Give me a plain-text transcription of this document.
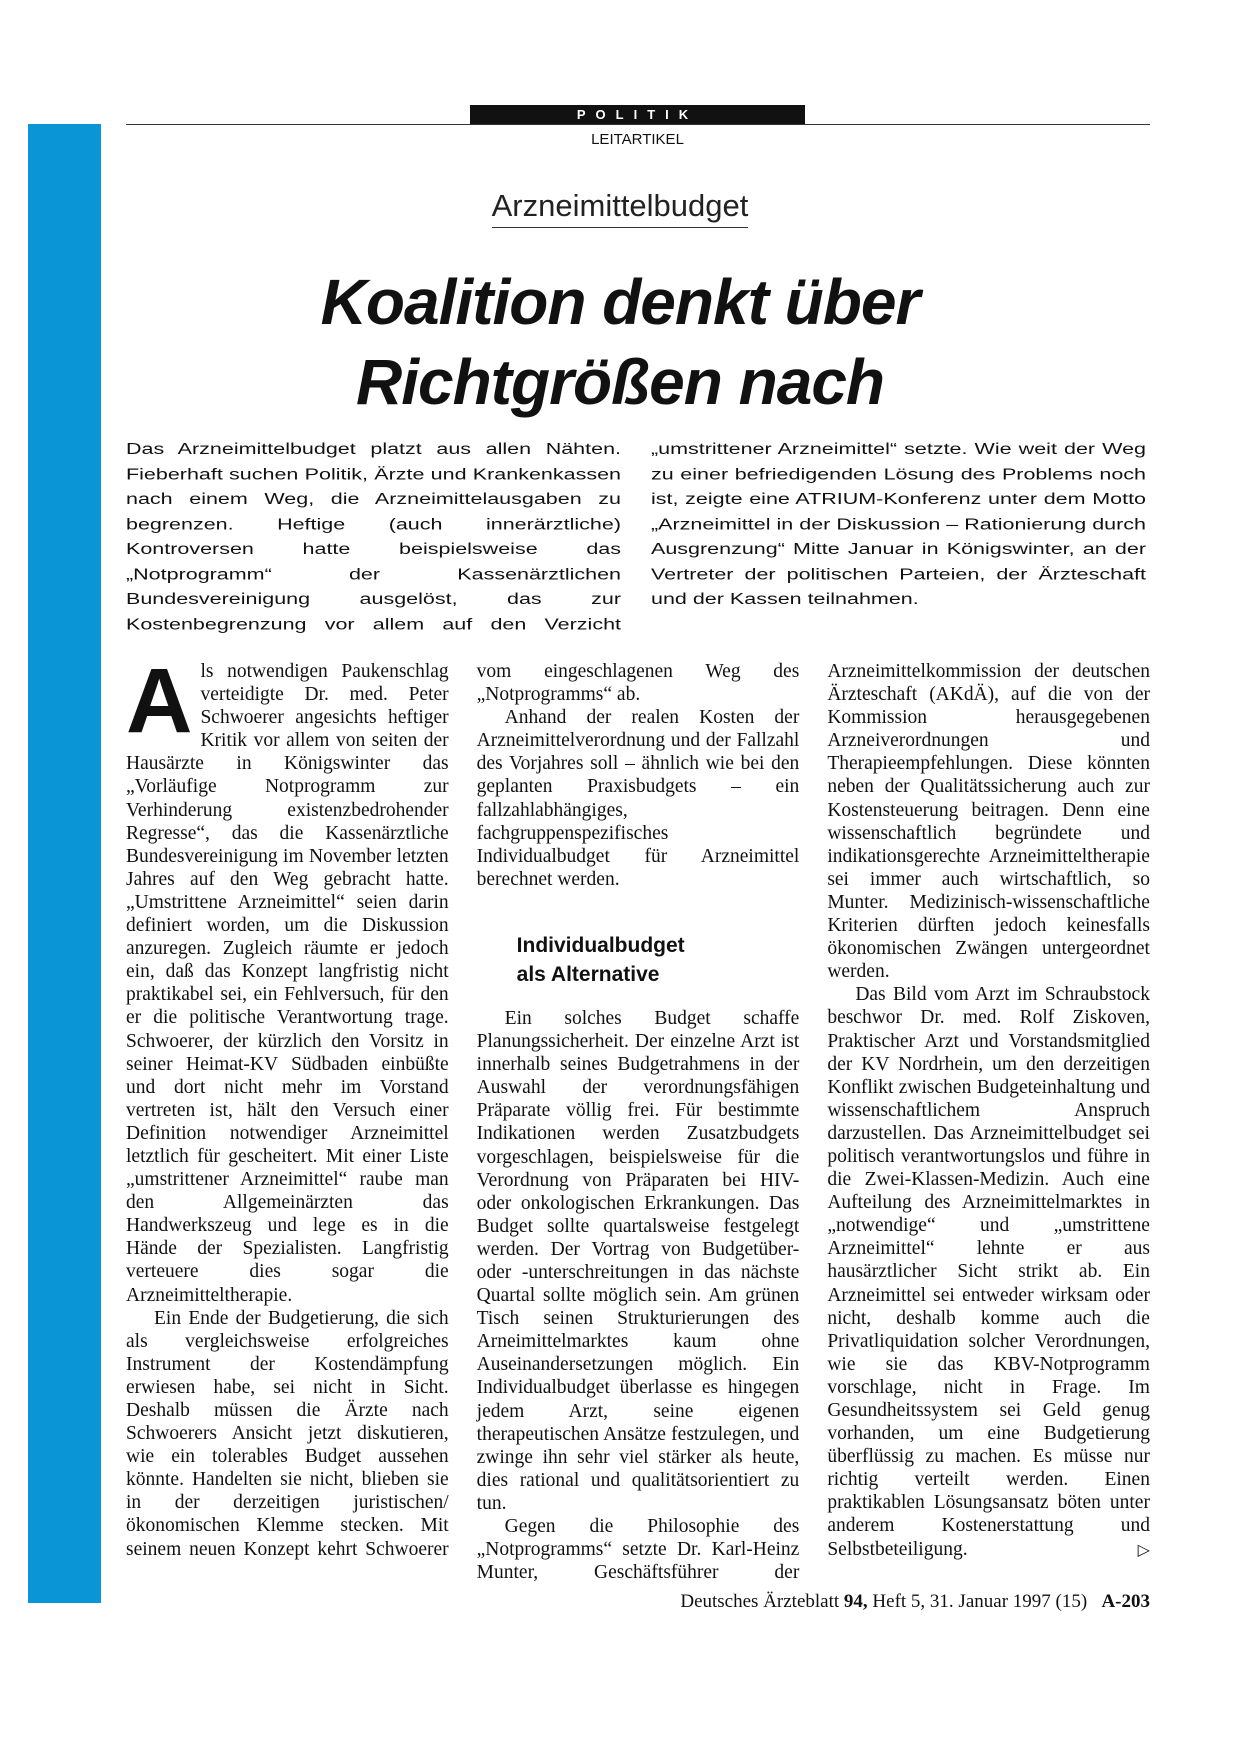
POLITIK
LEITARTIKEL
Arzneimittelbudget
Koalition denkt über
Richtgrößen nach

Das Arzneimittelbudget platzt aus allen Nähten. Fieberhaft suchen Politik, Ärzte und Krankenkassen nach einem Weg, die Arzneimittelausgaben zu begrenzen. Heftige (auch innerärztliche) Kontroversen hatte beispielsweise das „Notprogramm“ der Kassenärztlichen Bundesvereinigung ausgelöst, das zur Kostenbegrenzung vor allem auf den Verzicht „umstrittener Arzneimittel“ setzte. Wie weit der Weg zu einer befriedigenden Lösung des Problems noch ist, zeigte eine ATRIUM-Konferenz unter dem Motto „Arzneimittel in der Diskussion – Rationierung durch Ausgrenzung“ Mitte Januar in Königswinter, an der Vertreter der politischen Parteien, der Ärzteschaft und der Kassen teilnahmen.

Als notwendigen Paukenschlag verteidigte Dr. med. Peter Schwoerer angesichts heftiger Kritik vor allem von seiten der Hausärzte in Königswinter das „Vorläufige Notprogramm zur Verhinderung existenzbedrohender Regresse“, das die Kassenärztliche Bundesvereinigung im November letzten Jahres auf den Weg gebracht hatte. „Umstrittene Arzneimittel“ seien darin definiert worden, um die Diskussion anzuregen. Zugleich räumte er jedoch ein, daß das Konzept langfristig nicht praktikabel sei, ein Fehlversuch, für den er die politische Verantwortung trage. Schwoerer, der kürzlich den Vorsitz in seiner Heimat-KV Südbaden einbüßte und dort nicht mehr im Vorstand vertreten ist, hält den Versuch einer Definition notwendiger Arzneimittel letztlich für gescheitert. Mit einer Liste „umstrittener Arzneimittel“ raube man den Allgemeinärzten das Handwerkszeug und lege es in die Hände der Spezialisten. Langfristig verteuere dies sogar die Arzneimitteltherapie.

Ein Ende der Budgetierung, die sich als vergleichsweise erfolgreiches Instrument der Kostendämpfung erwiesen habe, sei nicht in Sicht. Deshalb müssen die Ärzte nach Schwoerers Ansicht jetzt diskutieren, wie ein tolerables Budget aussehen könnte. Handelten sie nicht, blieben sie in der derzeitigen juristischen/ökonomischen Klemme stecken. Mit seinem neuen Konzept kehrt Schwoerer vom eingeschlagenen Weg des „Notprogramms“ ab.

Anhand der realen Kosten der Arzneimittelverordnung und der Fallzahl des Vorjahres soll – ähnlich wie bei den geplanten Praxisbudgets – ein fallzahlabhängiges, fachgruppenspezifisches Individualbudget für Arzneimittel berechnet werden.

Individualbudget
als Alternative

Ein solches Budget schaffe Planungssicherheit. Der einzelne Arzt ist innerhalb seines Budgetrahmens in der Auswahl der verordnungsfähigen Präparate völlig frei. Für bestimmte Indikationen werden Zusatzbudgets vorgeschlagen, beispielsweise für die Verordnung von Präparaten bei HIV- oder onkologischen Erkrankungen. Das Budget sollte quartalsweise festgelegt werden. Der Vortrag von Budgetüber- oder -unterschreitungen in das nächste Quartal sollte möglich sein. Am grünen Tisch seinen Strukturierungen des Arneimittelmarktes kaum ohne Auseinandersetzungen möglich. Ein Individualbudget überlasse es hingegen jedem Arzt, seine eigenen therapeutischen Ansätze festzulegen, und zwinge ihn sehr viel stärker als heute, dies rational und qualitätsorientiert zu tun.

Gegen die Philosophie des „Notprogramms“ setzte Dr. Karl-Heinz Munter, Geschäftsführer der Arzneimittelkommission der deutschen Ärzteschaft (AKdÄ), auf die von der Kommission herausgegebenen Arzneiverordnungen und Therapieempfehlungen. Diese könnten neben der Qualitätssicherung auch zur Kostensteuerung beitragen. Denn eine wissenschaftlich begründete und indikationsgerechte Arzneimitteltherapie sei immer auch wirtschaftlich, so Munter. Medizinisch-wissenschaftliche Kriterien dürften jedoch keinesfalls ökonomischen Zwängen untergeordnet werden.

Das Bild vom Arzt im Schraubstock beschwor Dr. med. Rolf Ziskoven, Praktischer Arzt und Vorstandsmitglied der KV Nordrhein, um den derzeitigen Konflikt zwischen Budgeteinhaltung und wissenschaftlichem Anspruch darzustellen. Das Arzneimittelbudget sei politisch verantwortungslos und führe in die Zwei-Klassen-Medizin. Auch eine Aufteilung des Arzneimittelmarktes in „notwendige“ und „umstrittene Arzneimittel“ lehnte er aus hausärztlicher Sicht strikt ab. Ein Arzneimittel sei entweder wirksam oder nicht, deshalb komme auch die Privatliquidation solcher Verordnungen, wie sie das KBV-Notprogramm vorschlage, nicht in Frage. Im Gesundheitssystem sei Geld genug vorhanden, um eine Budgetierung überflüssig zu machen. Es müsse nur richtig verteilt werden. Einen praktikablen Lösungsansatz böten unter anderem Kostenerstattung und Selbstbeteiligung.	▷

Deutsches Ärzteblatt 94, Heft 5, 31. Januar 1997 (15) A-203
